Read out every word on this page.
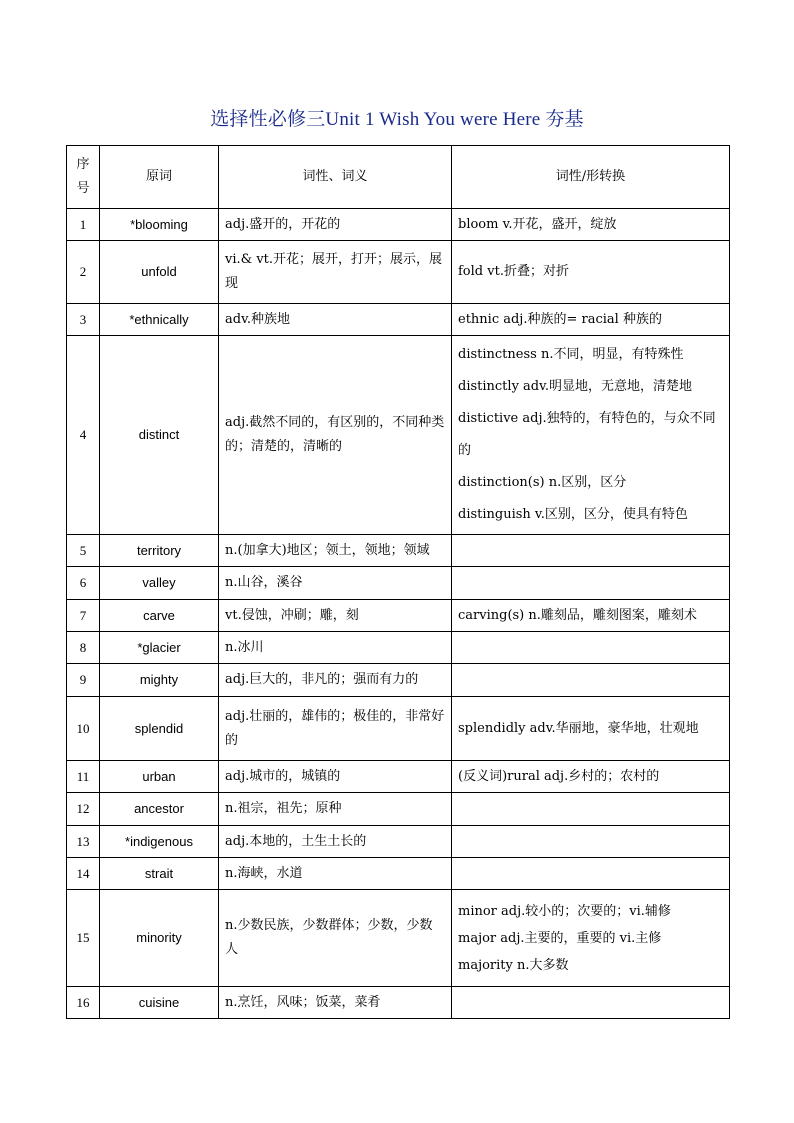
选择性必修三Unit 1 Wish You were Here 夯基
序号	原词	词性、词义	词性/形转换
1	*blooming	adj.盛开的，开花的	bloom v.开花，盛开，绽放

2	unfold	vi.& vt.开花；展开，打开；展示，展现	fold vt.折叠；对折

3	*ethnically	adv.种族地	ethnic adj.种族的= racial 种族的

4	distinct	adj.截然不同的，有区别的，不同种类的；清楚的，清晰的	distinctness n.不同，明显，有特殊性
distinctly adv.明显地，无意地，清楚地
distictive adj.独特的，有特色的，与众不同的
distinction(s) n.区别，区分
distinguish v.区别，区分，使具有特色

5	territory	n.(加拿大)地区；领土，领地；领域	
6	valley	n.山谷，溪谷	
7	carve	vt.侵蚀，冲刷；雕，刻	carving(s) n.雕刻品，雕刻图案，雕刻术

8	*glacier	n.冰川	
9	mighty	adj.巨大的，非凡的；强而有力的	
10	splendid	adj.壮丽的，雄伟的；极佳的，非常好的	splendidly adv.华丽地，豪华地，壮观地

11	urban	adj.城市的，城镇的	(反义词)rural adj.乡村的；农村的

12	ancestor	n.祖宗，祖先；原种	
13	*indigenous	adj.本地的，土生土长的	
14	strait	n.海峡，水道	
15	minority	n.少数民族，少数群体；少数，少数人	minor adj.较小的；次要的；vi.辅修
major adj.主要的，重要的 vi.主修
majority n.大多数

16	cuisine	n.烹饪，风味；饭菜，菜肴	
